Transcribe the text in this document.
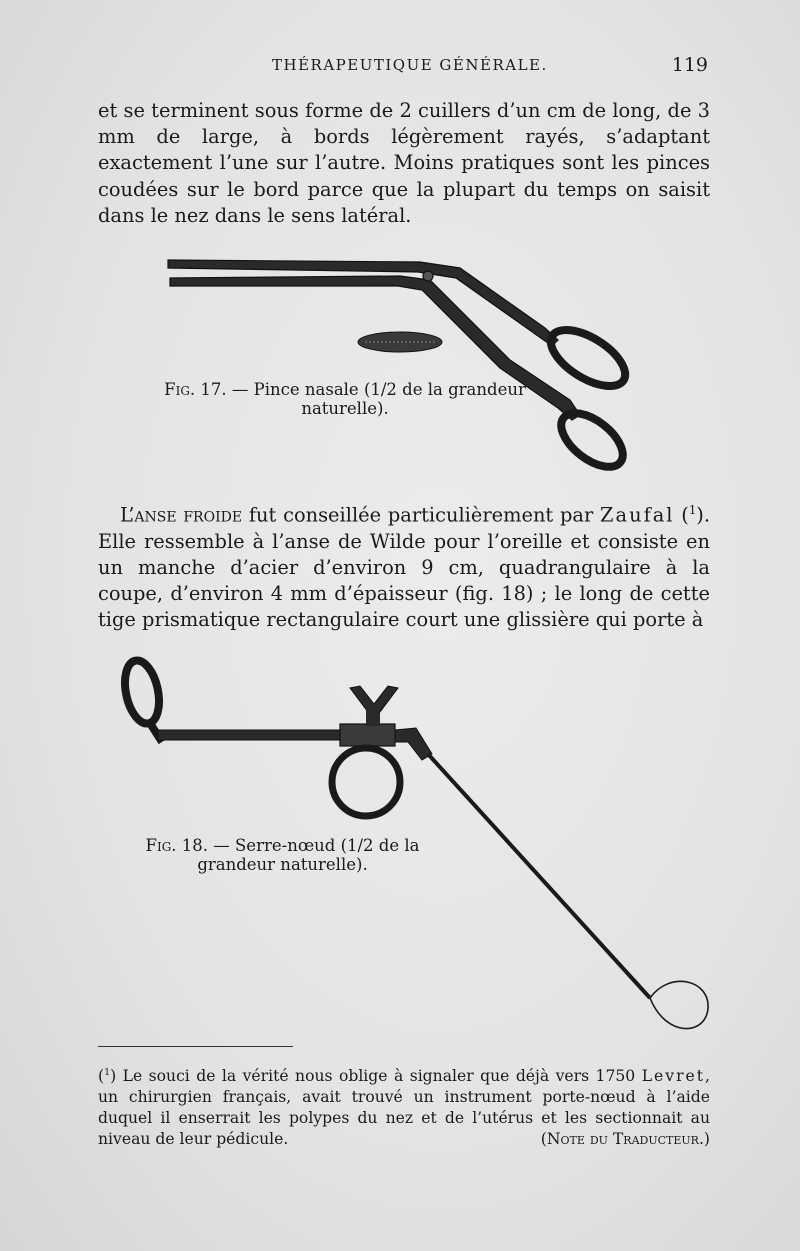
THÉRAPEUTIQUE GÉNÉRALE.	119

et se terminent sous forme de 2 cuillers d’un cm de long, de 3 mm de large, à bords légèrement rayés, s’adaptant exactement l’une sur l’autre. Moins pratiques sont les pinces coudées sur le bord parce que la plupart du temps on saisit dans le nez dans le sens latéral.

Fig. 17. — Pince nasale (1/2 de la grandeur naturelle).

L’anse froide fut conseillée particulièrement par Zaufal ($^1$). Elle ressemble à l’anse de Wilde pour l’oreille et consiste en un manche d’acier d’environ 9 cm, quadrangulaire à la coupe, d’environ 4 mm d’épaisseur (fig. 18) ; le long de cette tige prismatique rectangulaire court une glissière qui porte à

Fig. 18. — Serre-nœud (1/2 de la grandeur naturelle).

($^1$) Le souci de la vérité nous oblige à signaler que déjà vers 1750 Levret, un chirurgien français, avait trouvé un instrument porte-nœud à l’aide duquel il enserrait les polypes du nez et de l’utérus et les sectionnait au niveau de leur pédicule.	(Note du Traducteur.)
